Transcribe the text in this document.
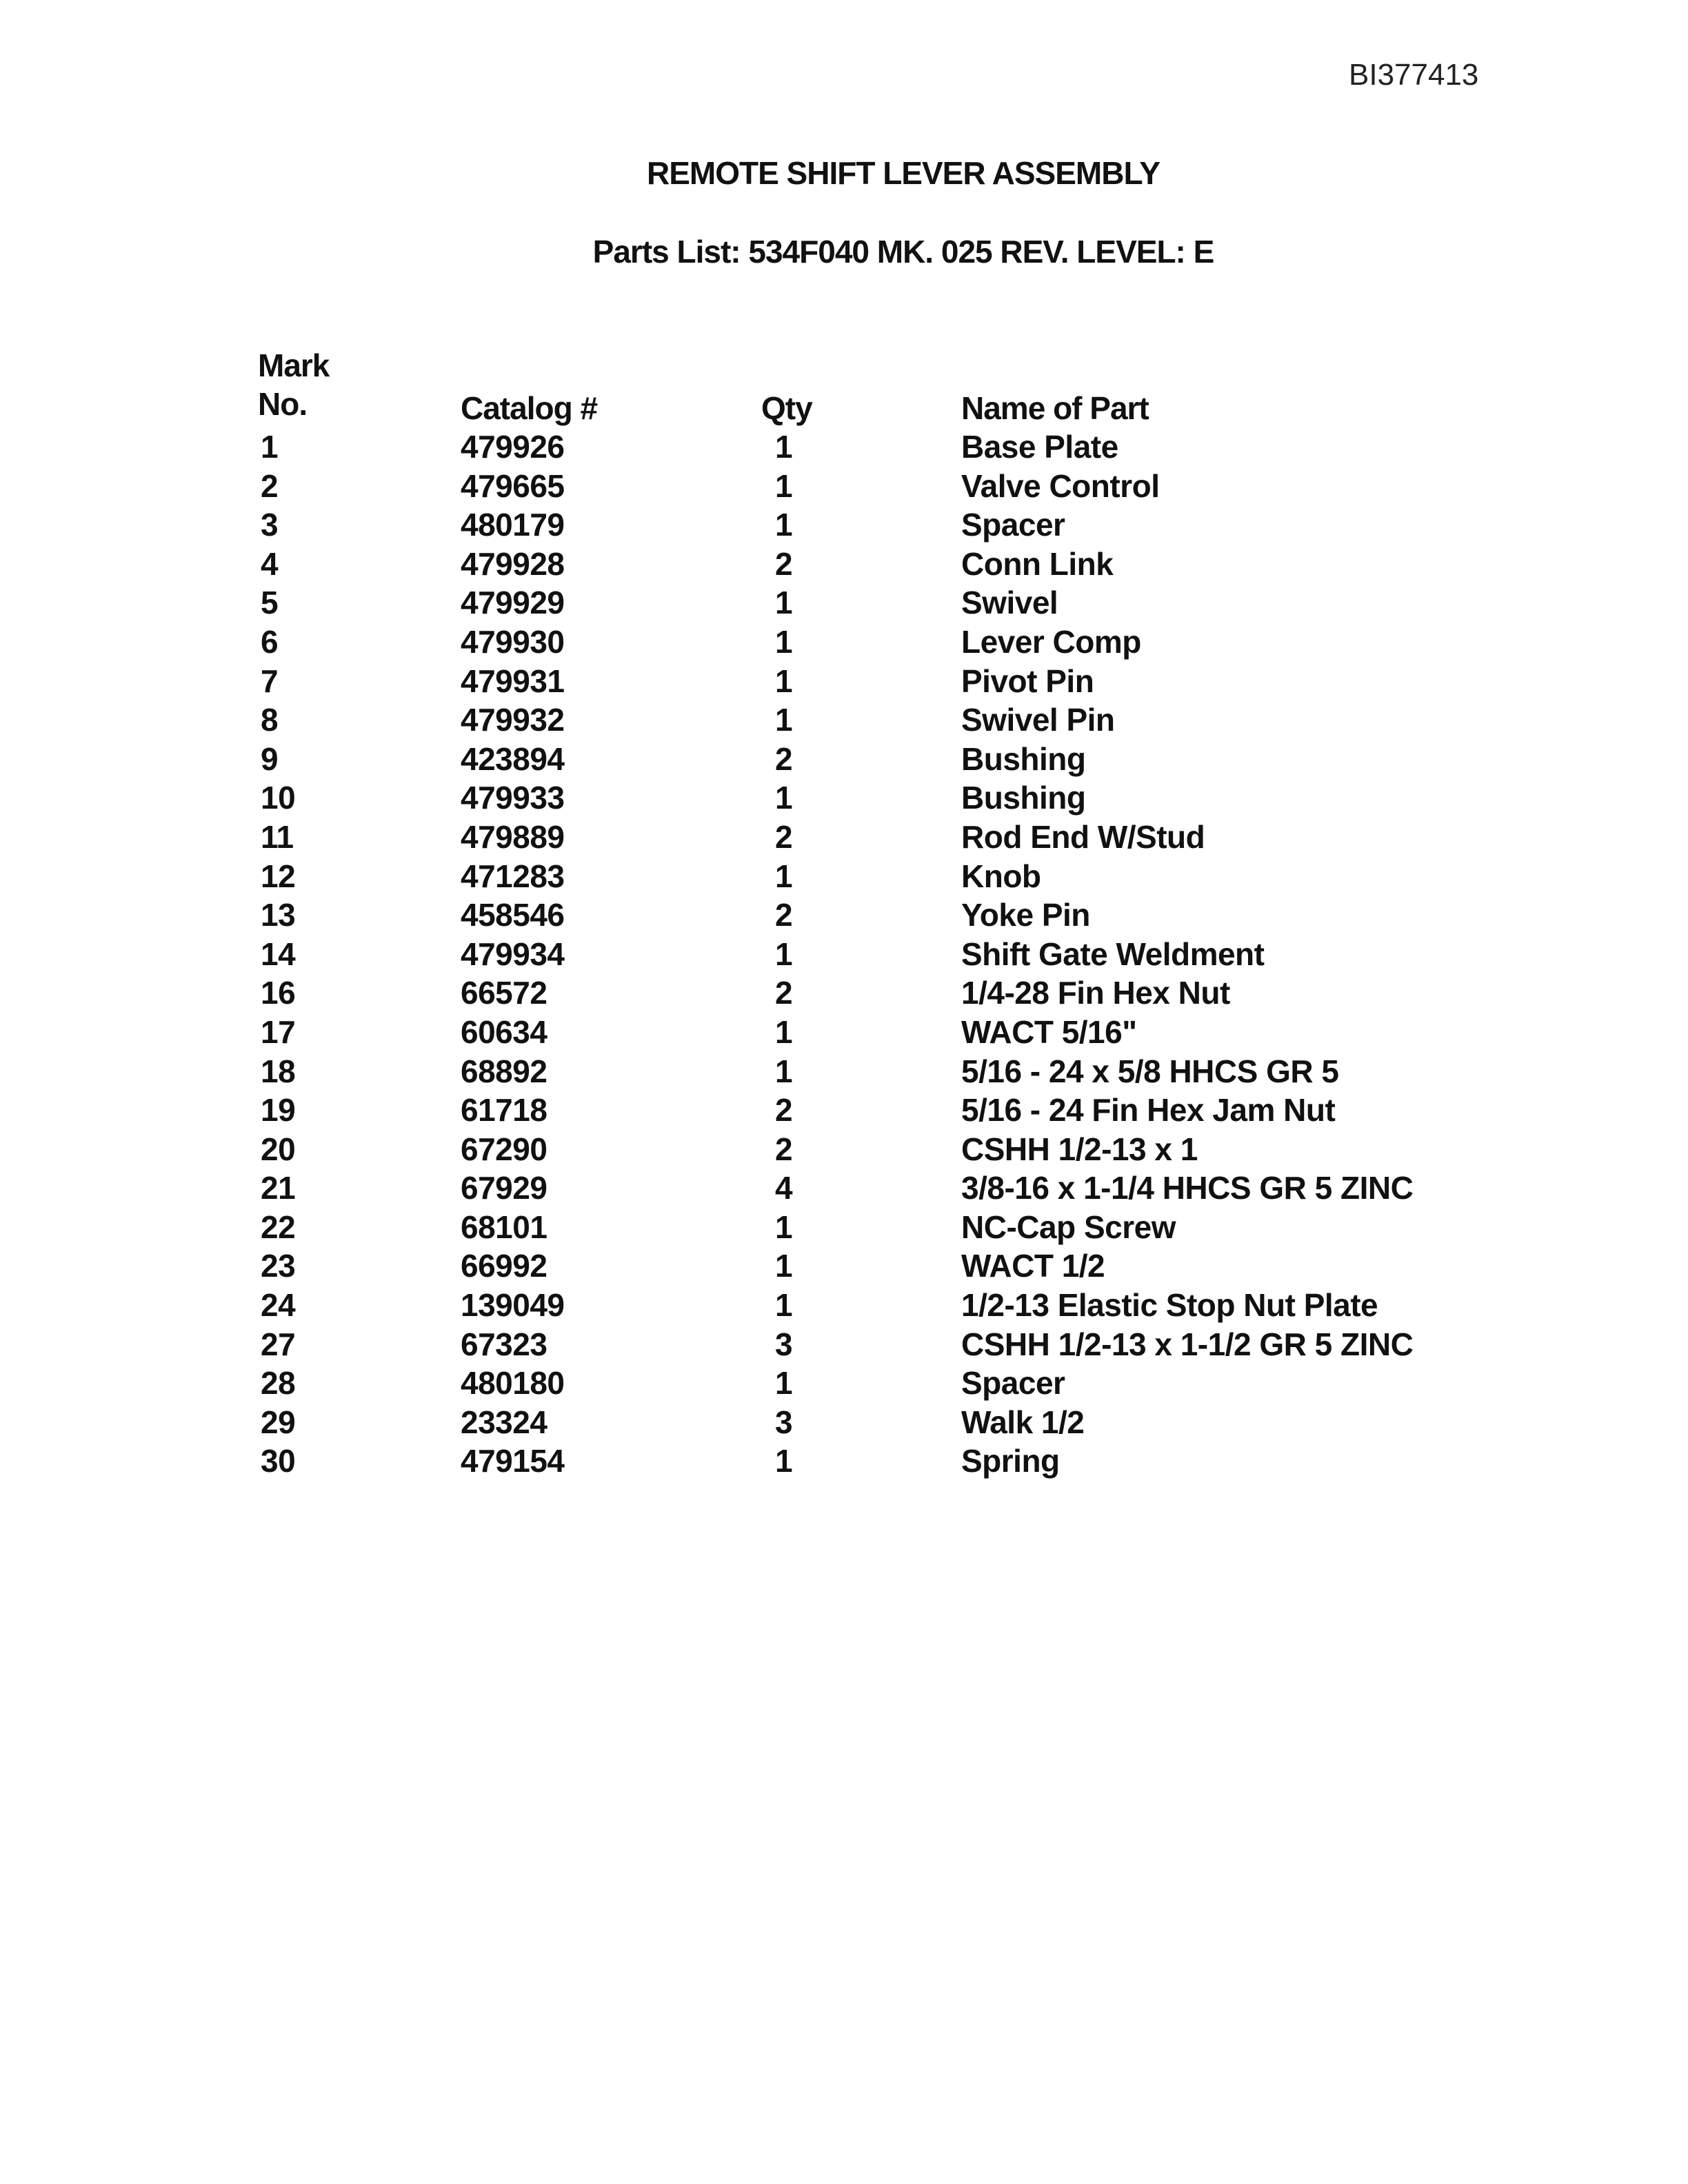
BI377413
REMOTE SHIFT LEVER ASSEMBLY
Parts List: 534F040 MK. 025 REV. LEVEL: E
Mark
No.	Catalog #	Qty	Name of Part
1	479926	1	Base Plate
2	479665	1	Valve Control
3	480179	1	Spacer
4	479928	2	Conn Link
5	479929	1	Swivel
6	479930	1	Lever Comp
7	479931	1	Pivot Pin
8	479932	1	Swivel Pin
9	423894	2	Bushing
10	479933	1	Bushing
11	479889	2	Rod End W/Stud
12	471283	1	Knob
13	458546	2	Yoke Pin
14	479934	1	Shift Gate Weldment
16	66572	2	1/4-28 Fin Hex Nut
17	60634	1	WACT 5/16"
18	68892	1	5/16 - 24 x 5/8 HHCS GR 5
19	61718	2	5/16 - 24 Fin Hex Jam Nut
20	67290	2	CSHH 1/2-13 x 1
21	67929	4	3/8-16 x 1-1/4 HHCS GR 5 ZINC
22	68101	1	NC-Cap Screw
23	66992	1	WACT 1/2
24	139049	1	1/2-13 Elastic Stop Nut Plate
27	67323	3	CSHH 1/2-13 x 1-1/2 GR 5 ZINC
28	480180	1	Spacer
29	23324	3	Walk 1/2
30	479154	1	Spring
